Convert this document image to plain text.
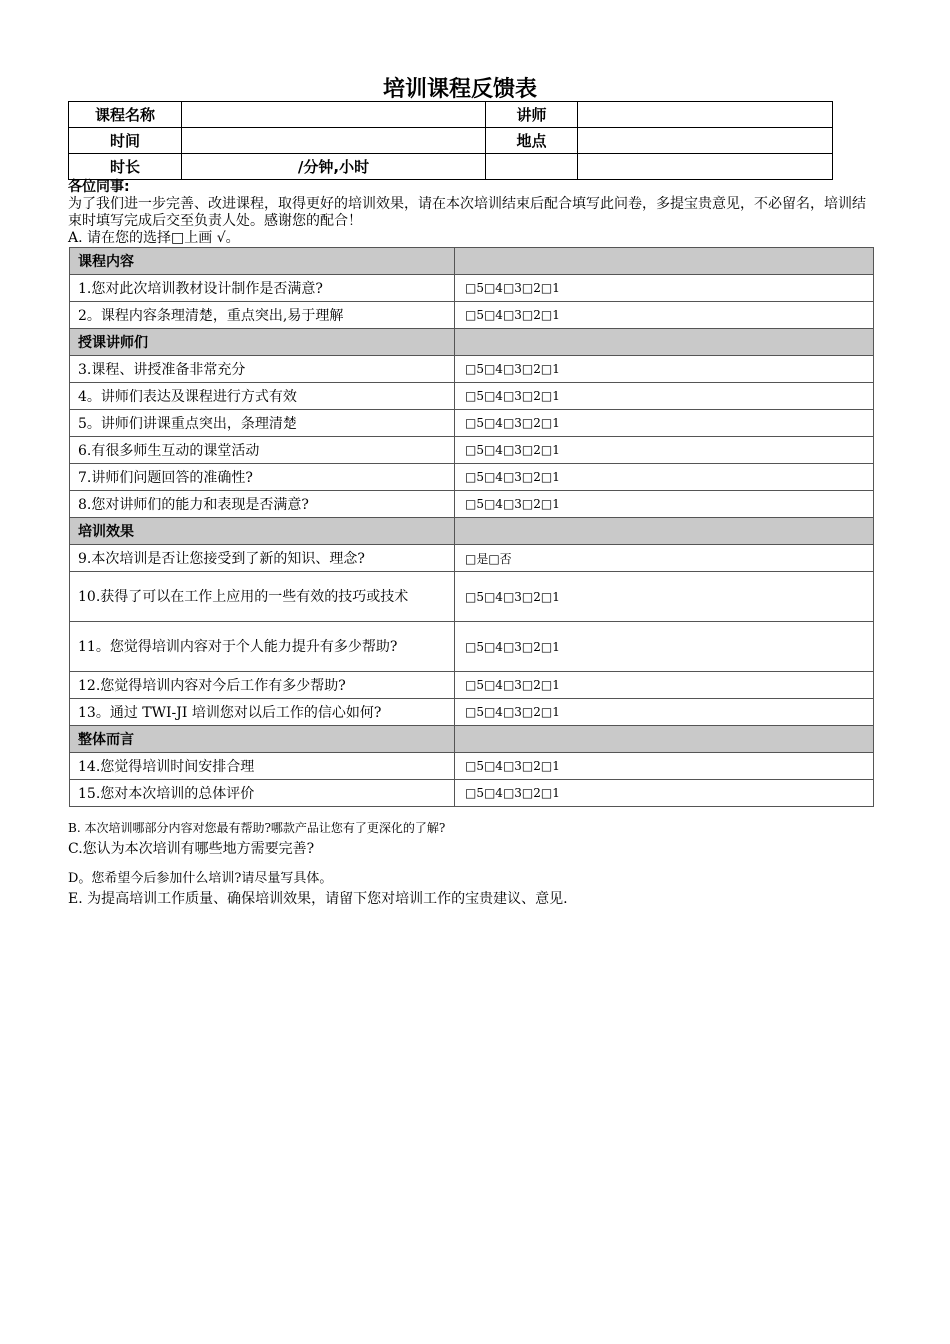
培训课程反馈表
课程名称		讲师	
时间		地点	
时长	/分钟,小时		

各位同事:

为了我们进一步完善、改进课程，取得更好的培训效果，请在本次培训结束后配合填写此问卷，多提宝贵意见，不必留名，培训结束时填写完成后交至负责人处。感谢您的配合！

A. 请在您的选择□上画 √。

课程内容	
1.您对此次培训教材设计制作是否满意?	□5□4□3□2□1
2。课程内容条理清楚，重点突出,易于理解	□5□4□3□2□1
授课讲师们	
3.课程、讲授准备非常充分	□5□4□3□2□1
4。讲师们表达及课程进行方式有效	□5□4□3□2□1
5。讲师们讲课重点突出，条理清楚	□5□4□3□2□1
6.有很多师生互动的课堂活动	□5□4□3□2□1
7.讲师们问题回答的准确性?	□5□4□3□2□1
8.您对讲师们的能力和表现是否满意?	□5□4□3□2□1
培训效果	
9.本次培训是否让您接受到了新的知识、理念?	□是□否
10.获得了可以在工作上应用的一些有效的技巧或技术	□5□4□3□2□1
11。您觉得培训内容对于个人能力提升有多少帮助?	□5□4□3□2□1
12.您觉得培训内容对今后工作有多少帮助?	□5□4□3□2□1
13。通过 TWI-JI 培训您对以后工作的信心如何?	□5□4□3□2□1
整体而言	
14.您觉得培训时间安排合理	□5□4□3□2□1
15.您对本次培训的总体评价	□5□4□3□2□1
B. 本次培训哪部分内容对您最有帮助?哪款产品让您有了更深化的了解?
C.您认为本次培训有哪些地方需要完善?
D。您希望今后参加什么培训?请尽量写具体。
E. 为提高培训工作质量、确保培训效果，请留下您对培训工作的宝贵建议、意见.
